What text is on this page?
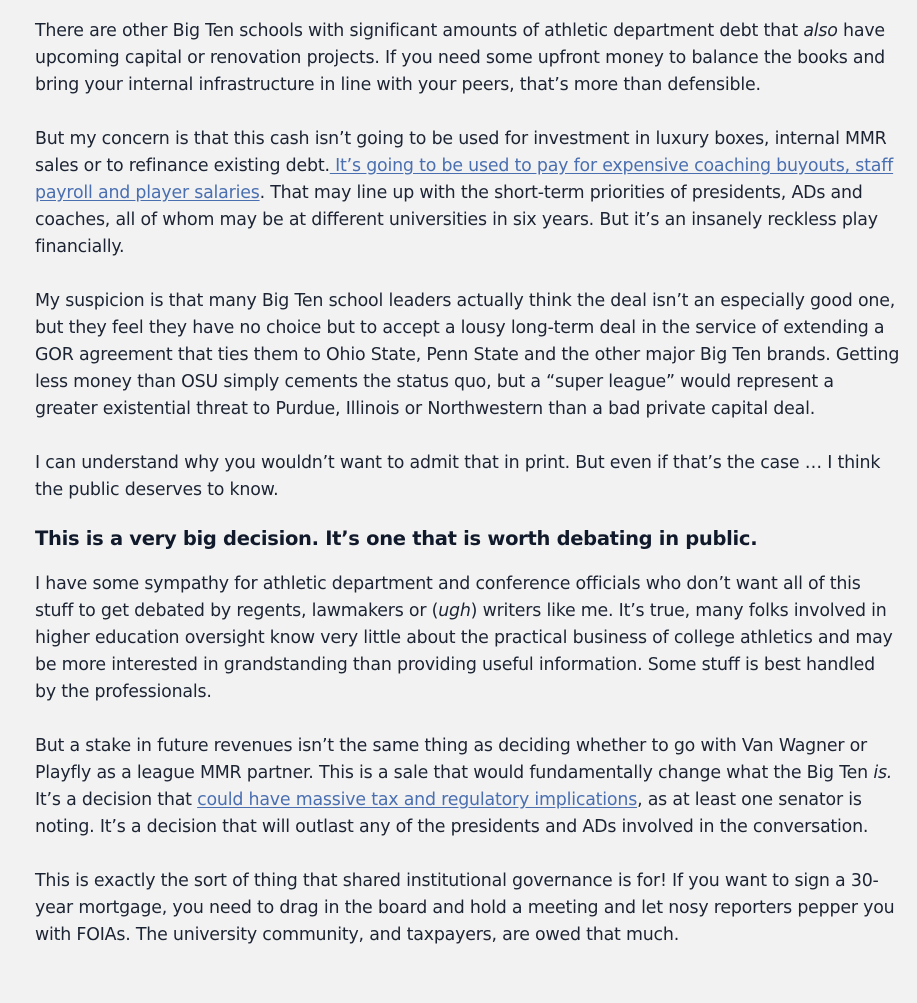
There are other Big Ten schools with significant amounts of athletic department debt that also have upcoming capital or renovation projects. If you need some upfront money to balance the books and bring your internal infrastructure in line with your peers, that’s more than defensible.

But my concern is that this cash isn’t going to be used for investment in luxury boxes, internal MMR sales or to refinance existing debt. It’s going to be used to pay for expensive coaching buyouts, staff payroll and player salaries. That may line up with the short-term priorities of presidents, ADs and coaches, all of whom may be at different universities in six years. But it’s an insanely reckless play financially.

My suspicion is that many Big Ten school leaders actually think the deal isn’t an especially good one, but they feel they have no choice but to accept a lousy long-term deal in the service of extending a GOR agreement that ties them to Ohio State, Penn State and the other major Big Ten brands. Getting less money than OSU simply cements the status quo, but a “super league” would represent a greater existential threat to Purdue, Illinois or Northwestern than a bad private capital deal.

I can understand why you wouldn’t want to admit that in print. But even if that’s the case … I think the public deserves to know.

This is a very big decision. It’s one that is worth debating in public.

I have some sympathy for athletic department and conference officials who don’t want all of this stuff to get debated by regents, lawmakers or (ugh) writers like me. It’s true, many folks involved in higher education oversight know very little about the practical business of college athletics and may be more interested in grandstanding than providing useful information. Some stuff is best handled by the professionals.

But a stake in future revenues isn’t the same thing as deciding whether to go with Van Wagner or Playfly as a league MMR partner. This is a sale that would fundamentally change what the Big Ten is. It’s a decision that could have massive tax and regulatory implications, as at least one senator is noting. It’s a decision that will outlast any of the presidents and ADs involved in the conversation.

This is exactly the sort of thing that shared institutional governance is for! If you want to sign a 30-year mortgage, you need to drag in the board and hold a meeting and let nosy reporters pepper you with FOIAs. The university community, and taxpayers, are owed that much.
